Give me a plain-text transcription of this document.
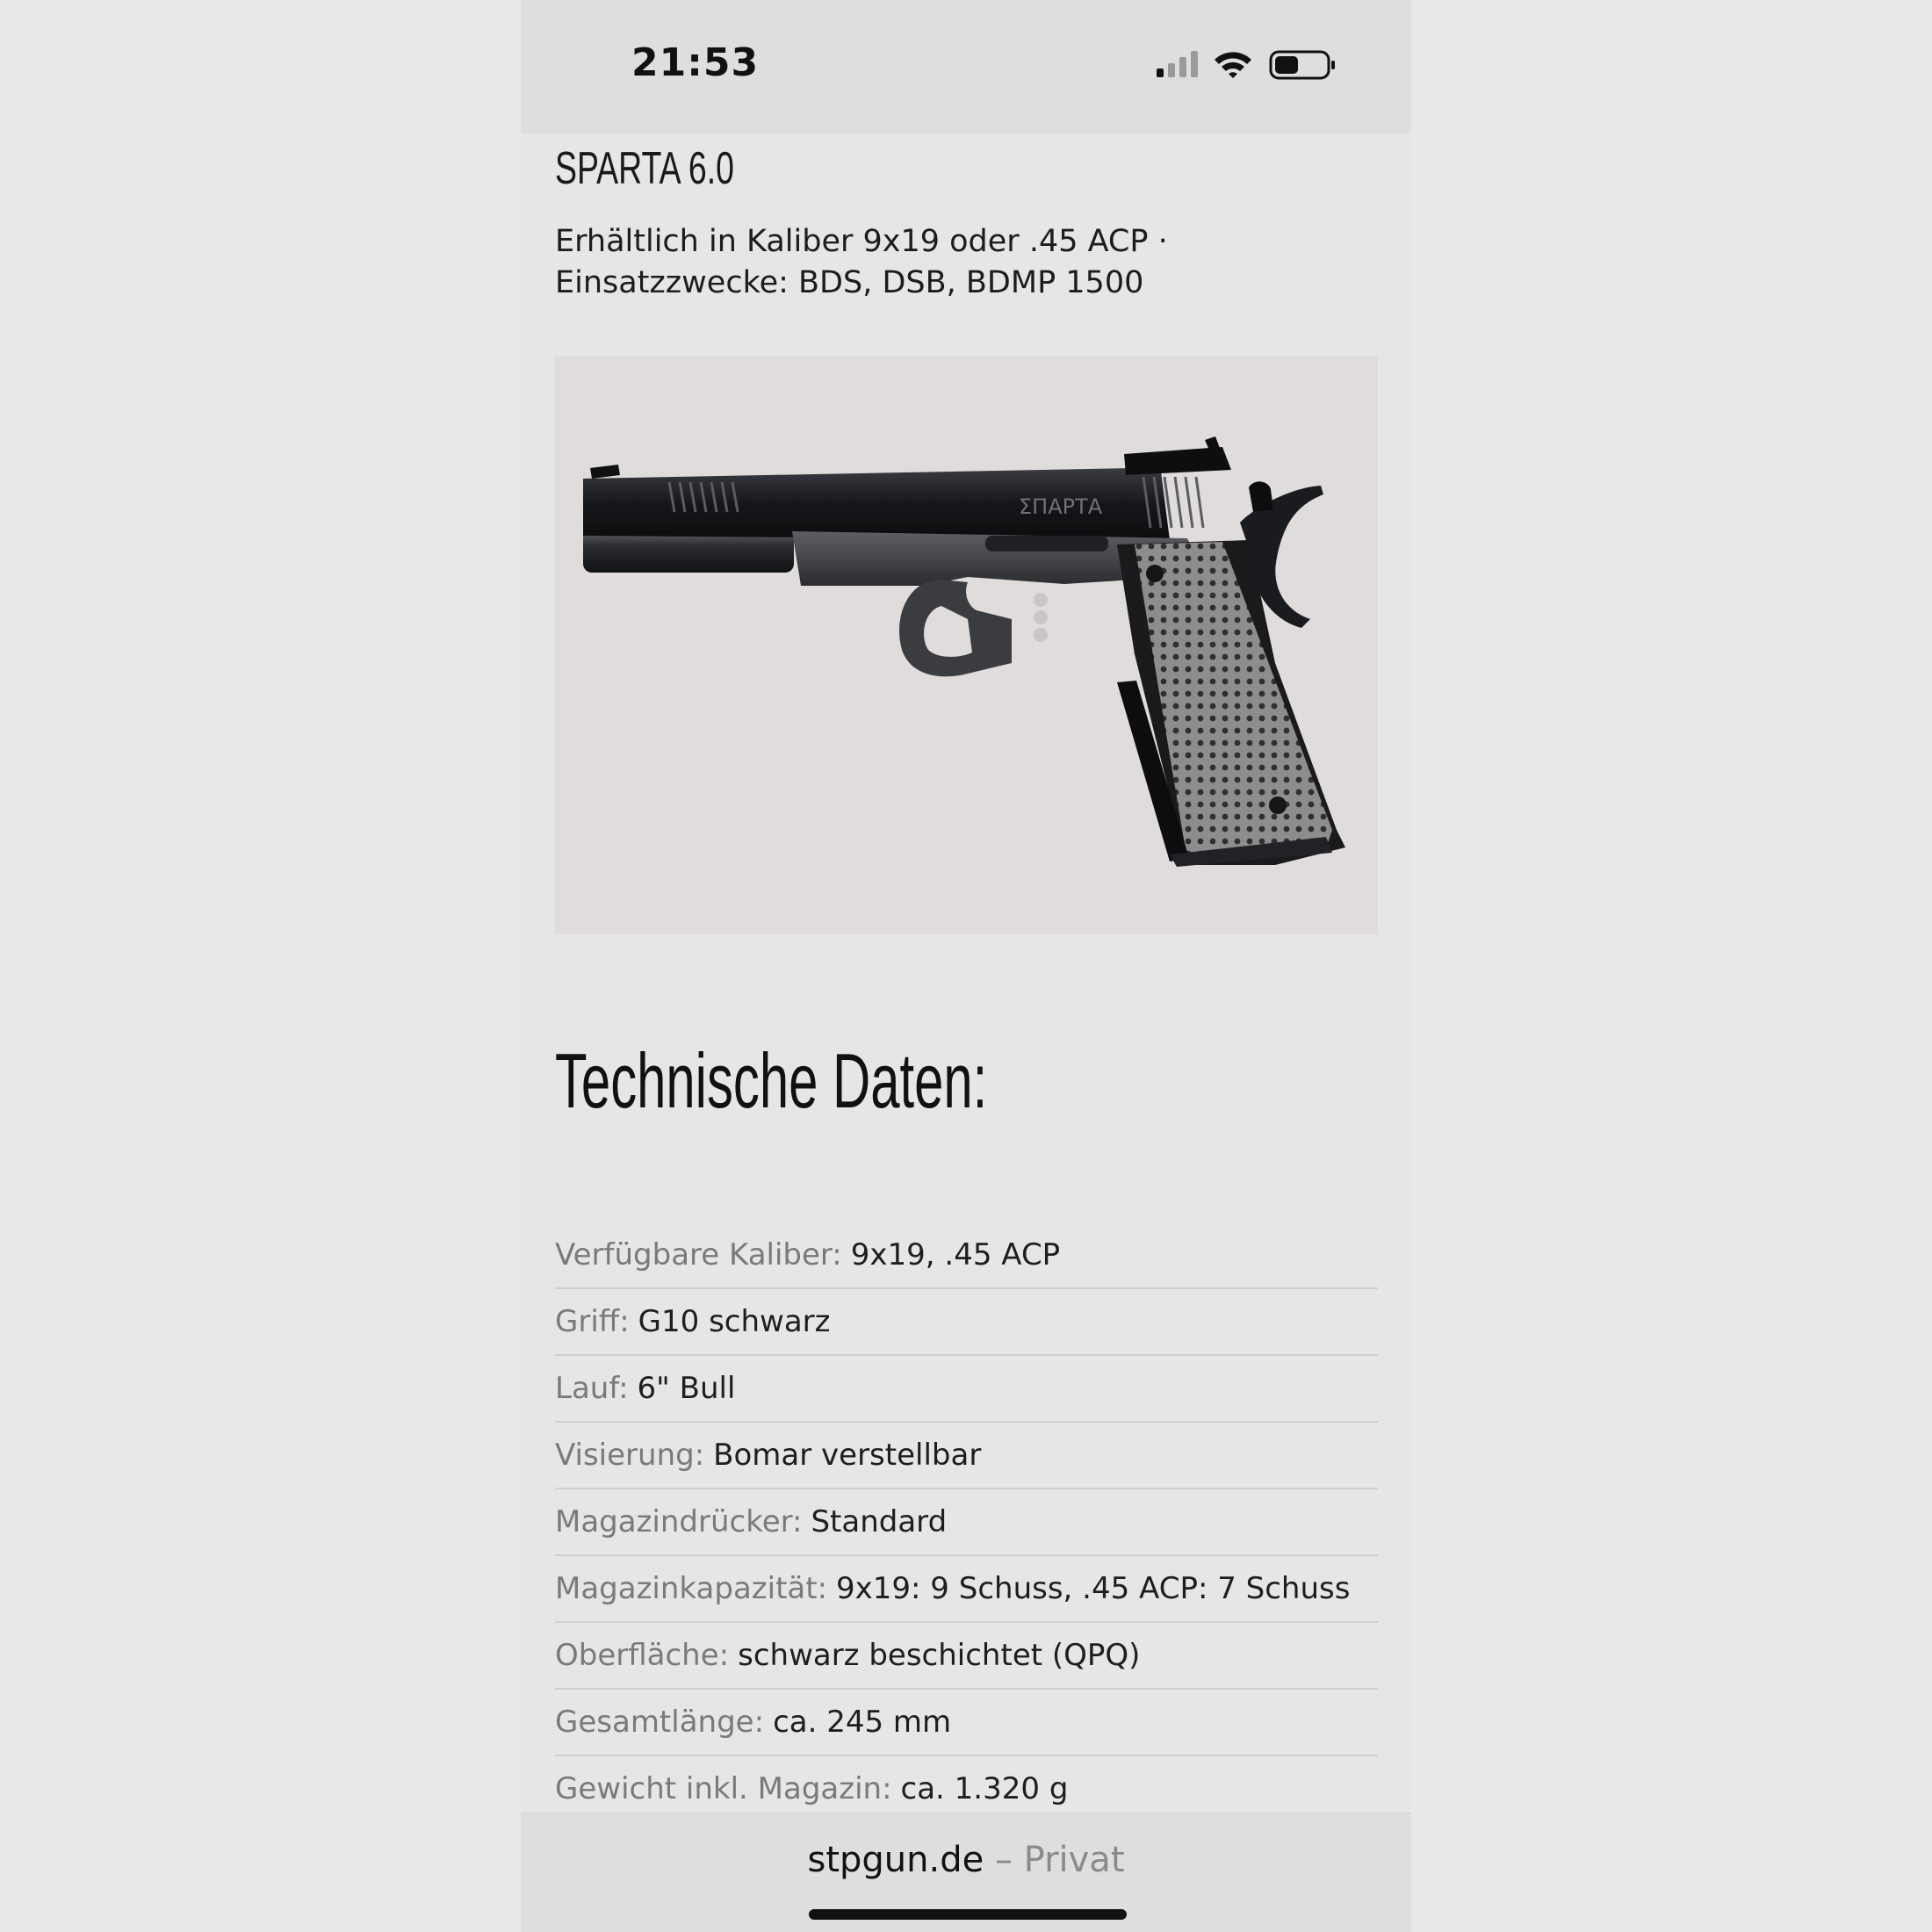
21:53
SPARTA 6.0
Erhältlich in Kaliber 9x19 oder .45 ACP · Einsatzzwecke: BDS, DSB, BDMP 1500
ΣΠΑΡΤΑ
Technische Daten:
Verfügbare Kaliber: 9x19, .45 ACP
Griff: G10 schwarz
Lauf: 6" Bull
Visierung: Bomar verstellbar
Magazindrücker: Standard
Magazinkapazität: 9x19: 9 Schuss, .45 ACP: 7 Schuss
Oberfläche: schwarz beschichtet (QPQ)
Gesamtlänge: ca. 245 mm
Gewicht inkl. Magazin: ca. 1.320 g
stpgun.de – Privat
